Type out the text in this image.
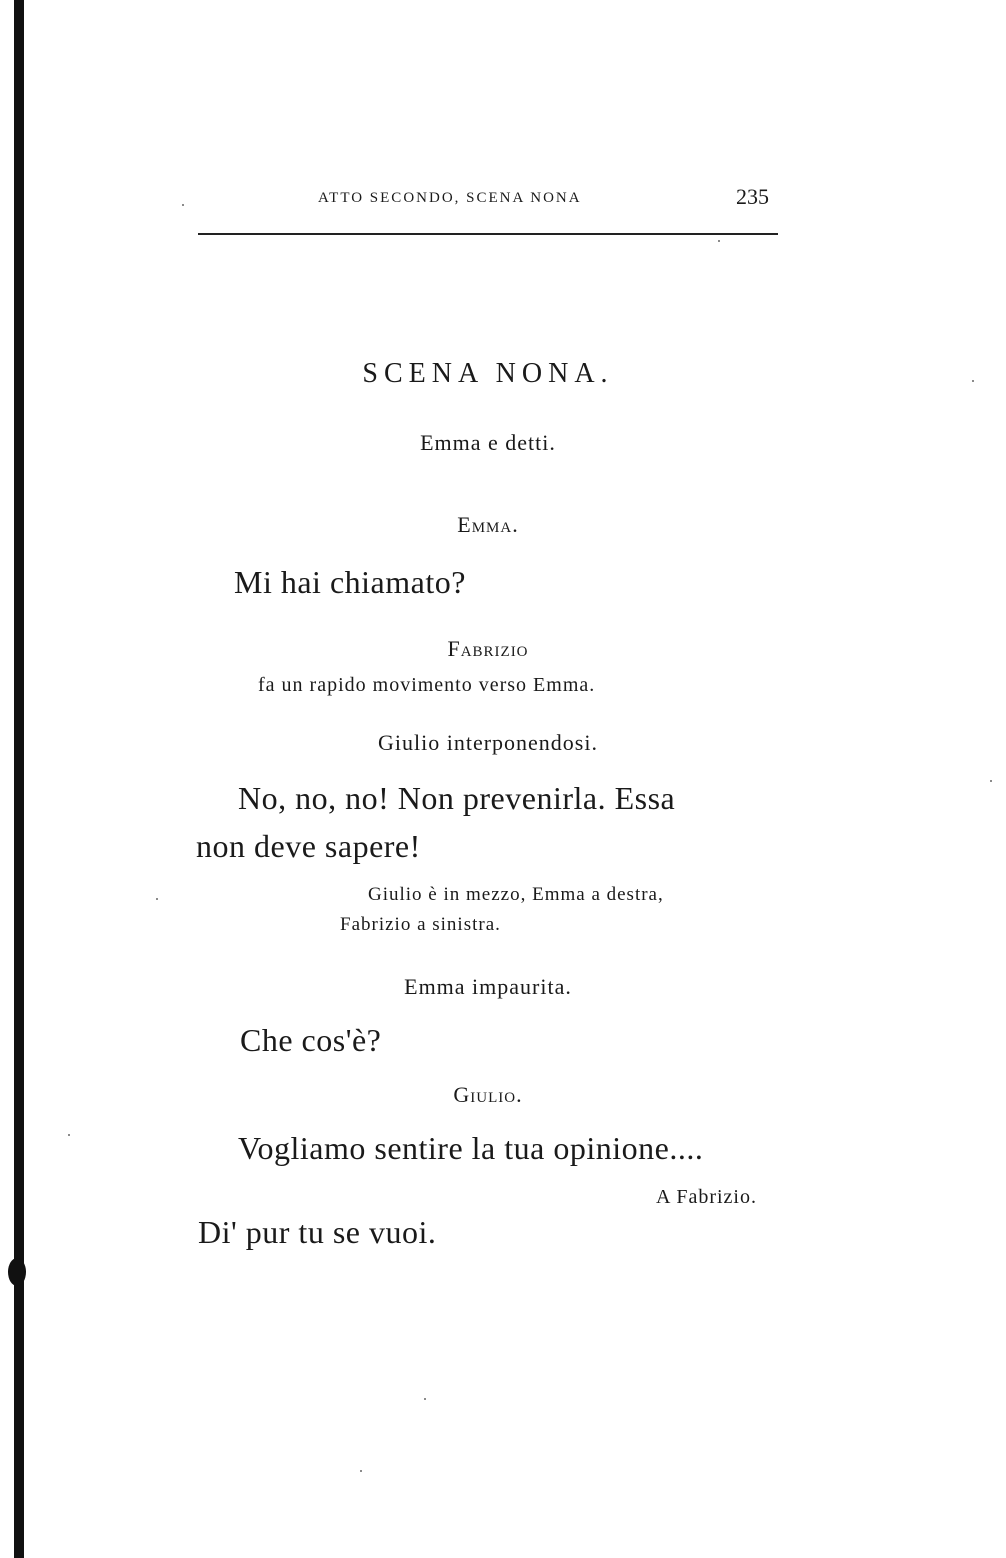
ATTO SECONDO, SCENA NONA	235
SCENA NONA.
Emma e detti.
Emma.
Mi hai chiamato?
Fabrizio
fa un rapido movimento verso Emma.
Giulio interponendosi.
No, no, no! Non prevenirla. Essa
non deve sapere!
Giulio è in mezzo, Emma a destra,
Fabrizio a sinistra.
Emma impaurita.
Che cos'è?
Giulio.
Vogliamo sentire la tua opinione....
A Fabrizio.
Di' pur tu se vuoi.
